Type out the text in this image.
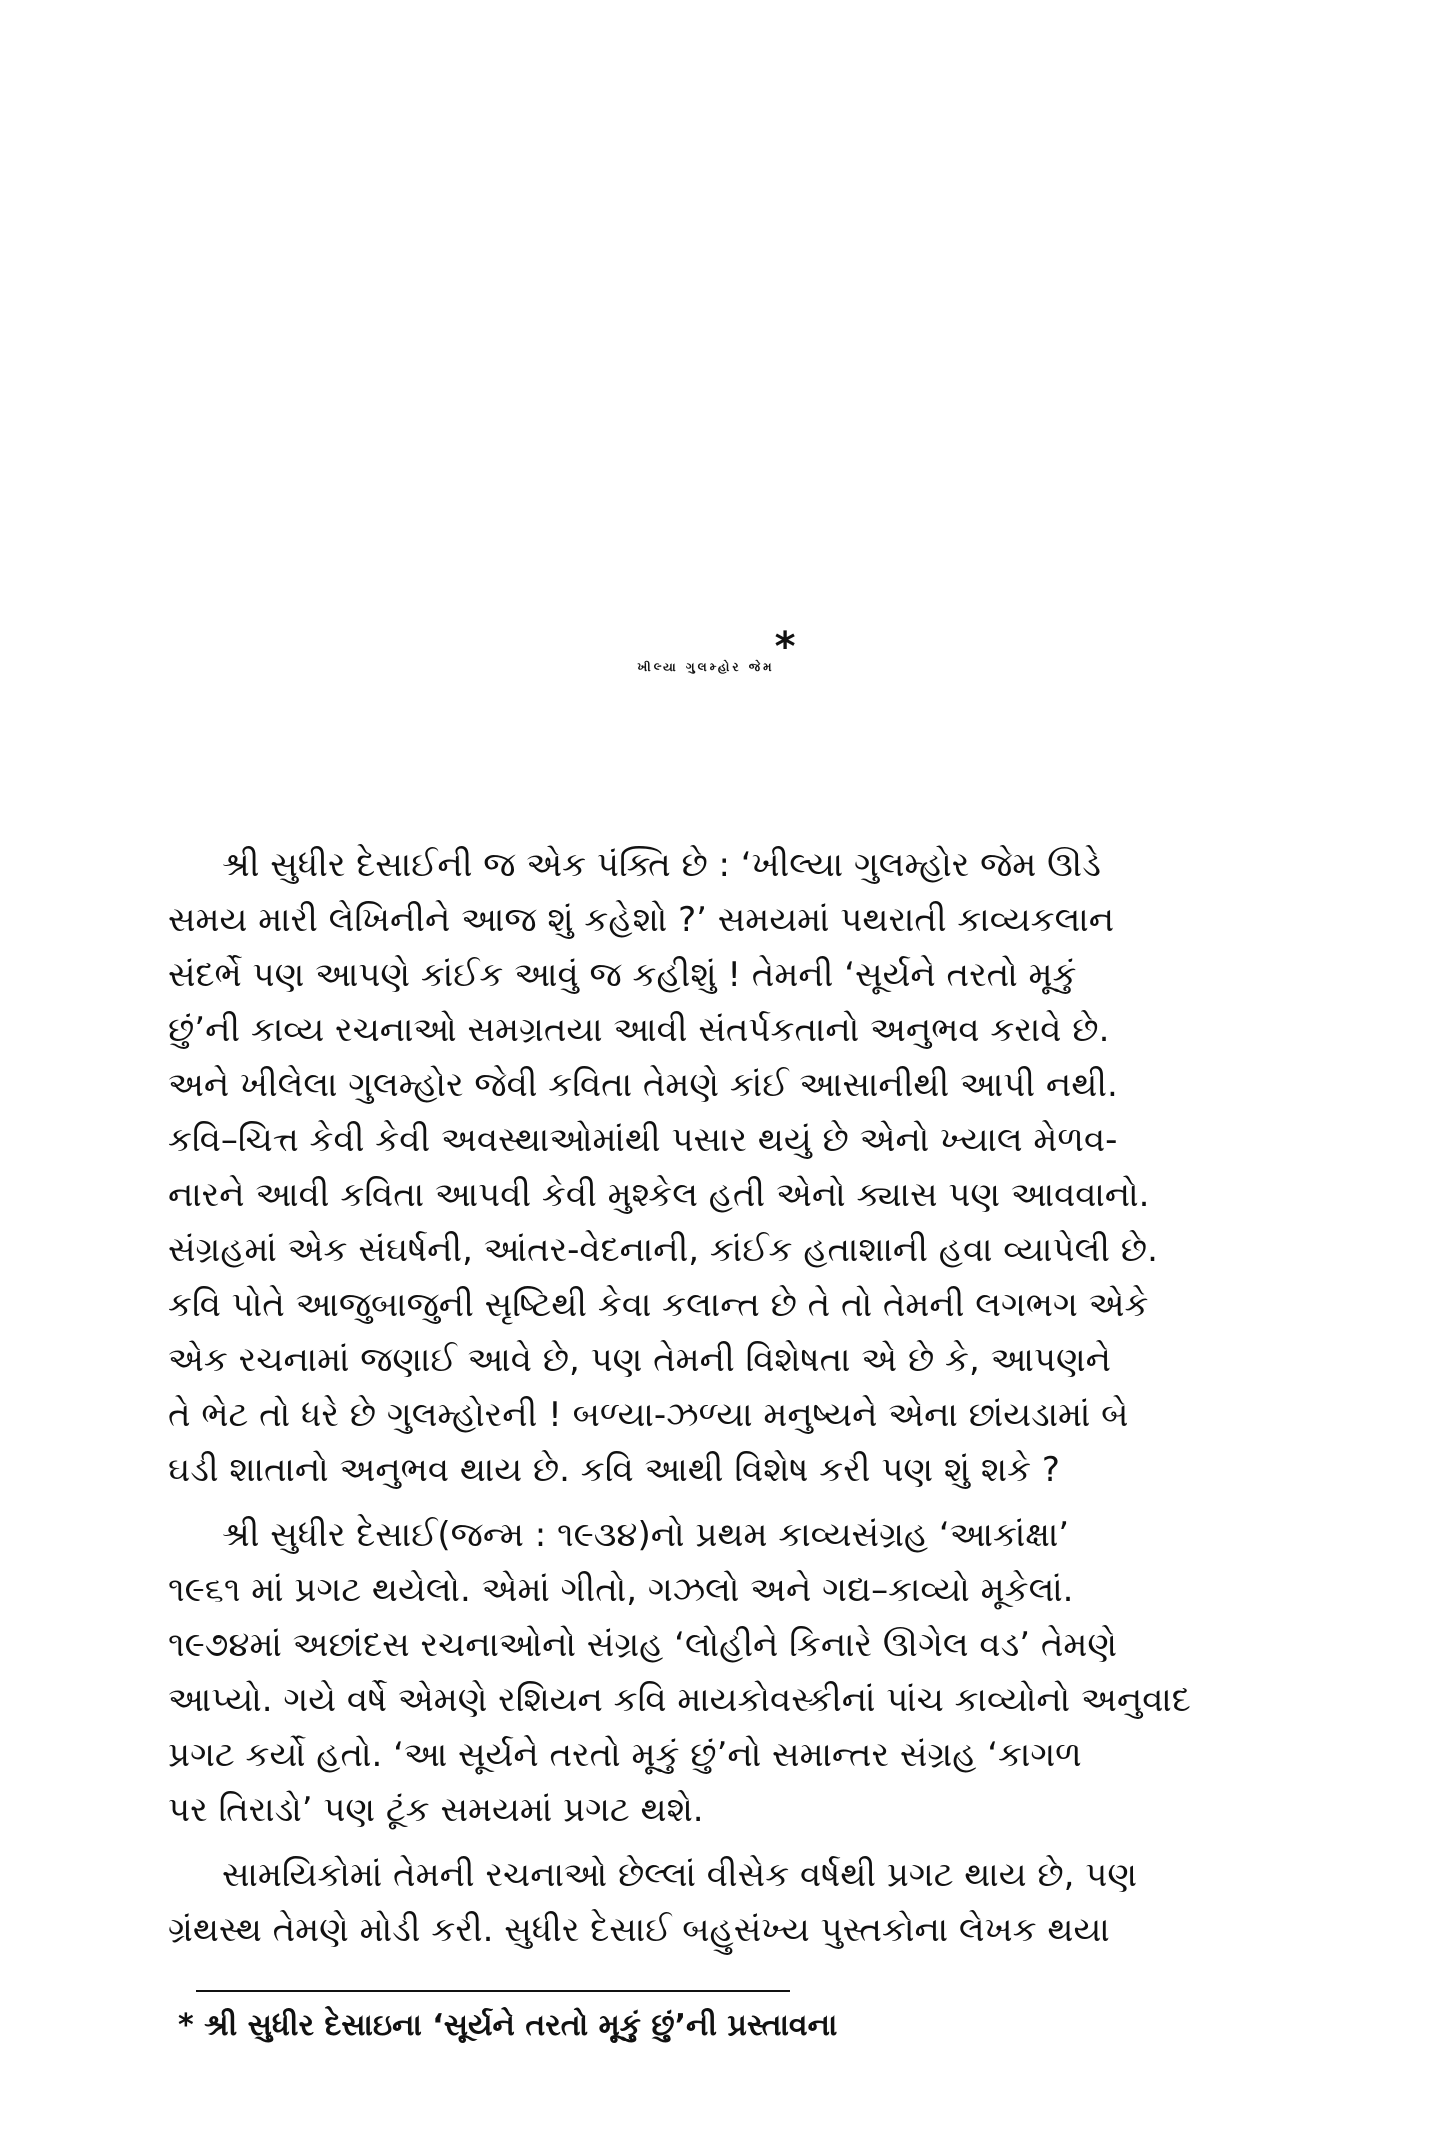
ખીલ્યા ગુલમ્હોર જેમ*
શ્રી સુધીર દેસાઈની જ એક પંક્તિ છે : ‘ખીલ્યા ગુલમ્હોર જેમ ઊડે
સમય મારી લેખિનીને આજ શું કહેશો ?’ સમયમાં પથરાતી કાવ્યકલાન
સંદર્ભે પણ આપણે કાંઈક આવું જ કહીશું ! તેમની ‘સૂર્યને તરતો મૂકું
છું’ની કાવ્ય રચનાઓ સમગ્રતયા આવી સંતર્પકતાનો અનુભવ કરાવે છે.
અને ખીલેલા ગુલમ્હોર જેવી કવિતા તેમણે કાંઈ આસાનીથી આપી નથી.
કવિ–ચિત્ત કેવી કેવી અવસ્થાઓમાંથી પસાર થયું છે એનો ખ્યાલ મેળવ-
નારને આવી કવિતા આપવી કેવી મુશ્કેલ હતી એનો ક્યાસ પણ આવવાનો.
સંગ્રહમાં એક સંઘર્ષની, આંતર-વેદનાની, કાંઈક હતાશાની હવા વ્યાપેલી છે.
કવિ પોતે આજુબાજુની સૃષ્ટિથી કેવા કલાન્ત છે તે તો તેમની લગભગ એકે
એક રચનામાં જણાઈ આવે છે, પણ તેમની વિશેષતા એ છે કે, આપણને
તે ભેટ તો ધરે છે ગુલમ્હોરની ! બળ્યા-ઝળ્યા મનુષ્યને એના છાંયડામાં બે
ઘડી શાતાનો અનુભવ થાય છે. કવિ આથી વિશેષ કરી પણ શું શકે ?
શ્રી સુધીર દેસાઈ(જન્મ : ૧૯૩૪)નો પ્રથમ કાવ્યસંગ્રહ ‘આકાંક્ષા’
૧૯૬૧ માં પ્રગટ થયેલો. એમાં ગીતો, ગઝલો અને ગદ્ય–કાવ્યો મૂકેલાં.
૧૯૭૪માં અછાંદસ રચનાઓનો સંગ્રહ ‘લોહીને કિનારે ઊગેલ વડ’ તેમણે
આપ્યો. ગયે વર્ષે એમણે રશિયન કવિ માયકોવસ્કીનાં પાંચ કાવ્યોનો અનુવાદ
પ્રગટ કર્યો હતો. ‘આ સૂર્યને તરતો મૂકું છું’નો સમાન્તર સંગ્રહ ‘કાગળ
પર તિરાડો’ પણ ટૂંક સમયમાં પ્રગટ થશે.
સામયિકોમાં તેમની રચનાઓ છેલ્લાં વીસેક વર્ષથી પ્રગટ થાય છે, પણ
ગ્રંથસ્થ તેમણે મોડી કરી. સુધીર દેસાઈ બહુસંખ્ય પુસ્તકોના લેખક થયા
* શ્રી સુધીર દેસાઇના ‘સૂર્યને તરતો મૂકું છું’ની પ્રસ્તાવના
